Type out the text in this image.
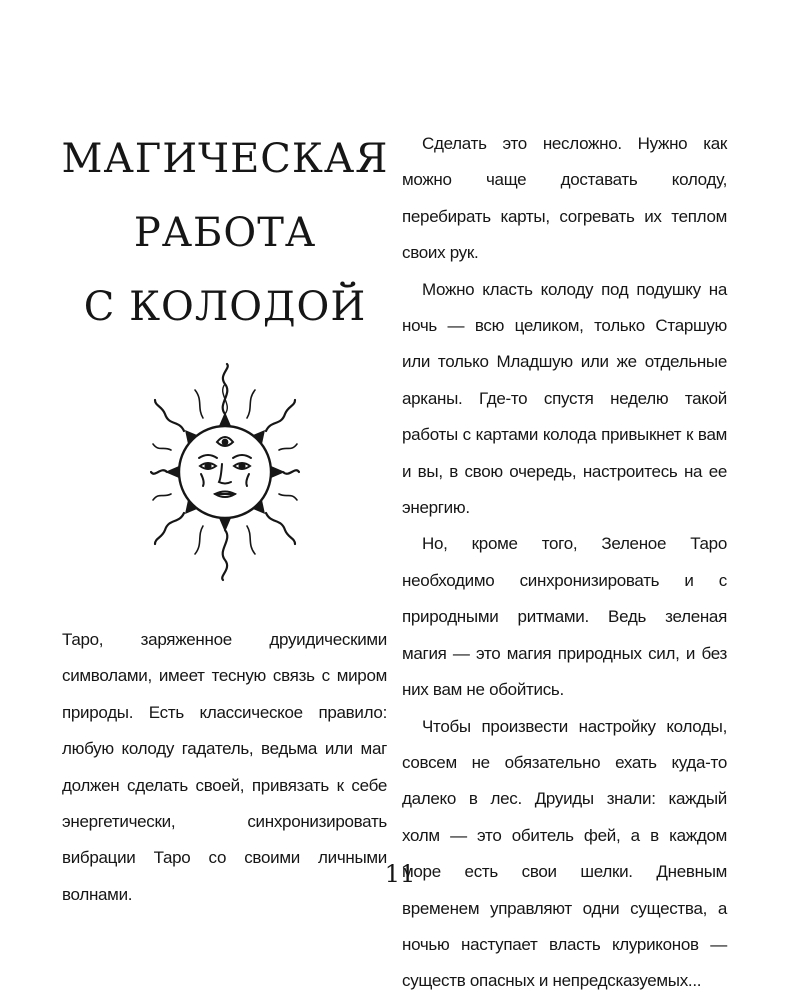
МАГИЧЕСКАЯ
РАБОТА
С КОЛОДОЙ

Таро, заряженное друидическими символами, имеет тесную связь с миром природы. Есть классическое правило: любую колоду гадатель, ведьма или маг должен сделать своей, привязать к себе энергетически, синхронизировать вибрации Таро со своими личными волнами.

Сделать это несложно. Нужно как можно чаще доставать колоду, перебирать карты, согревать их теплом своих рук.

Можно класть колоду под подушку на ночь — всю целиком, только Старшую или только Младшую или же отдельные арканы. Где-то спустя неделю такой работы с картами колода привыкнет к вам и вы, в свою очередь, настроитесь на ее энергию.

Но, кроме того, Зеленое Таро необходимо синхронизировать и с природными ритмами. Ведь зеленая магия — это магия природных сил, и без них вам не обойтись.

Чтобы произвести настройку колоды, совсем не обязательно ехать куда-то далеко в лес. Друиды знали: каждый холм — это обитель фей, а в каждом море есть свои шелки. Дневным временем управляют одни существа, а ночью наступает власть клуриконов — существ опасных и непредсказуемых...

11
